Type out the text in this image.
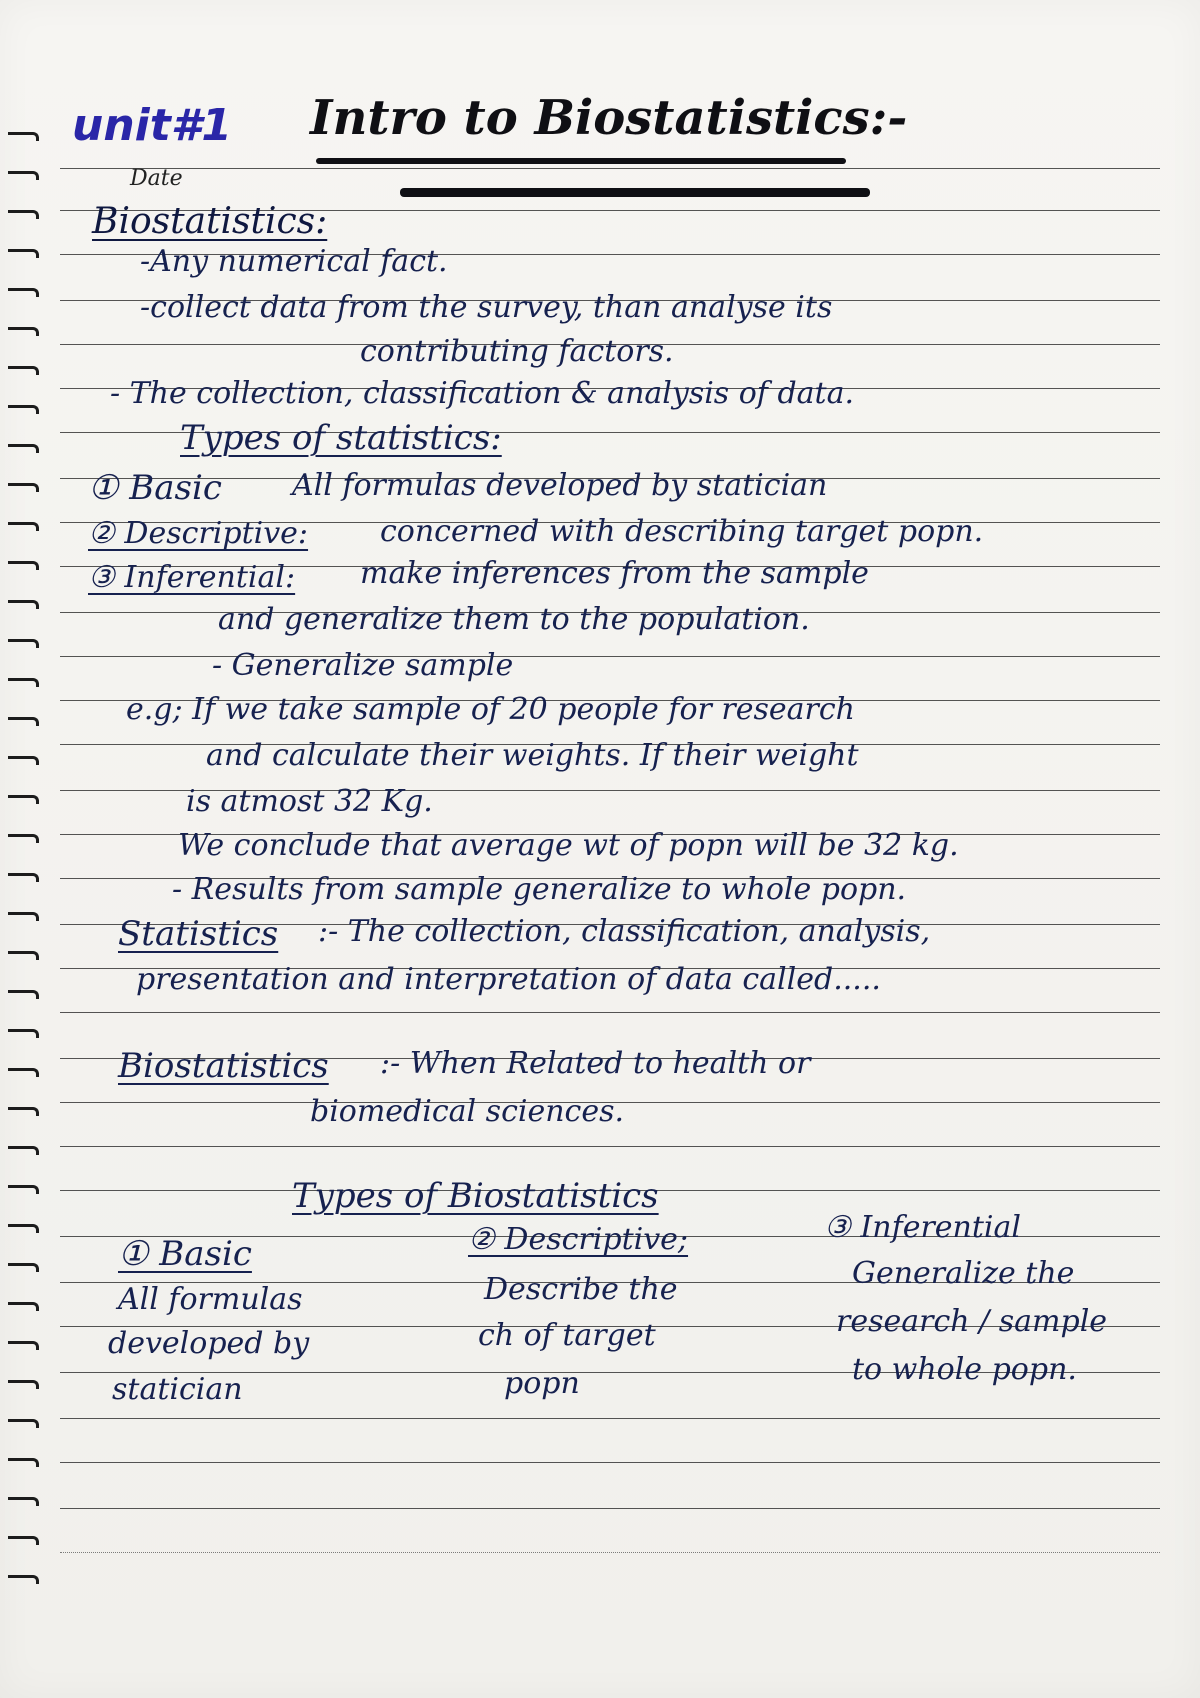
unit#1 Intro to Biostatistics:-
Date
Biostatistics:
-Any numerical fact.
-collect data from the survey, than analyse its
contributing factors.
- The collection, classification & analysis of data.
Types of statistics:
① Basic All formulas developed by statician
② Descriptive: concerned with describing target popn.
③ Inferential: make inferences from the sample
and generalize them to the population.
- Generalize sample
e.g; If we take sample of 20 people for research
and calculate their weights. If their weight
is atmost 32 Kg.
We conclude that average wt of popn will be 32 kg.
- Results from sample generalize to whole popn.
Statistics :- The collection, classification, analysis,
presentation and interpretation of data called.....
Biostatistics :- When Related to health or
biomedical sciences.
Types of Biostatistics
① Basic
All formulas
developed by
statician
② Descriptive;
Describe the
ch of target
popn
③ Inferential
Generalize the
research / sample
to whole popn.
